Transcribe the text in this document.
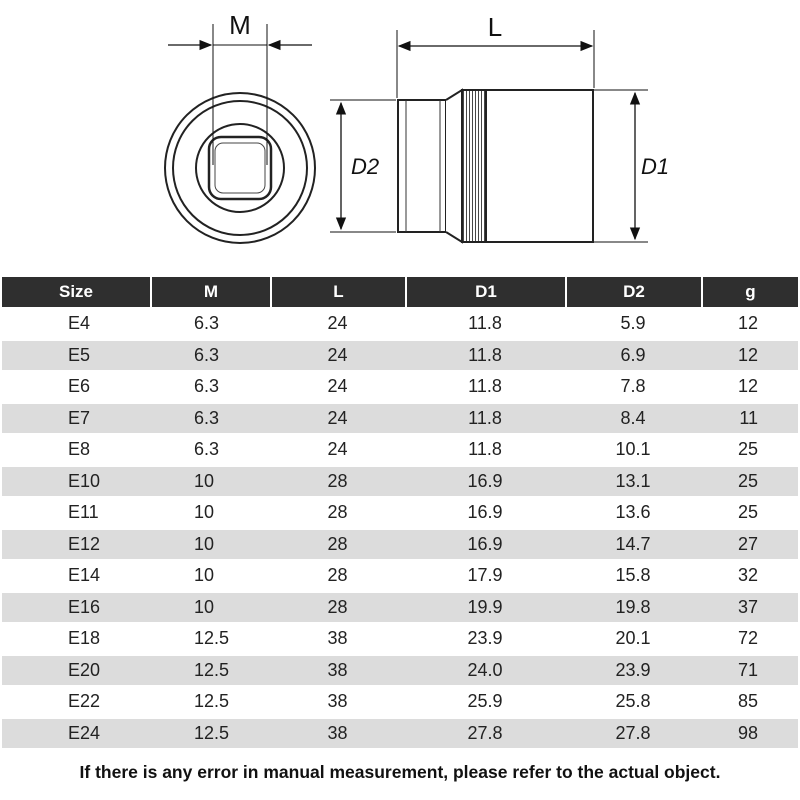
M	L
D2	D1
Size	M	L	D1	D2	g
E4	6.3	24	11.8	5.9	12
E5	6.3	24	11.8	6.9	12
E6	6.3	24	11.8	7.8	12
E7	6.3	24	11.8	8.4	11
E8	6.3	24	11.8	10.1	25
E10	10	28	16.9	13.1	25
E11	10	28	16.9	13.6	25
E12	10	28	16.9	14.7	27
E14	10	28	17.9	15.8	32
E16	10	28	19.9	19.8	37
E18	12.5	38	23.9	20.1	72
E20	12.5	38	24.0	23.9	71
E22	12.5	38	25.9	25.8	85
E24	12.5	38	27.8	27.8	98
If there is any error in manual measurement, please refer to the actual object.
